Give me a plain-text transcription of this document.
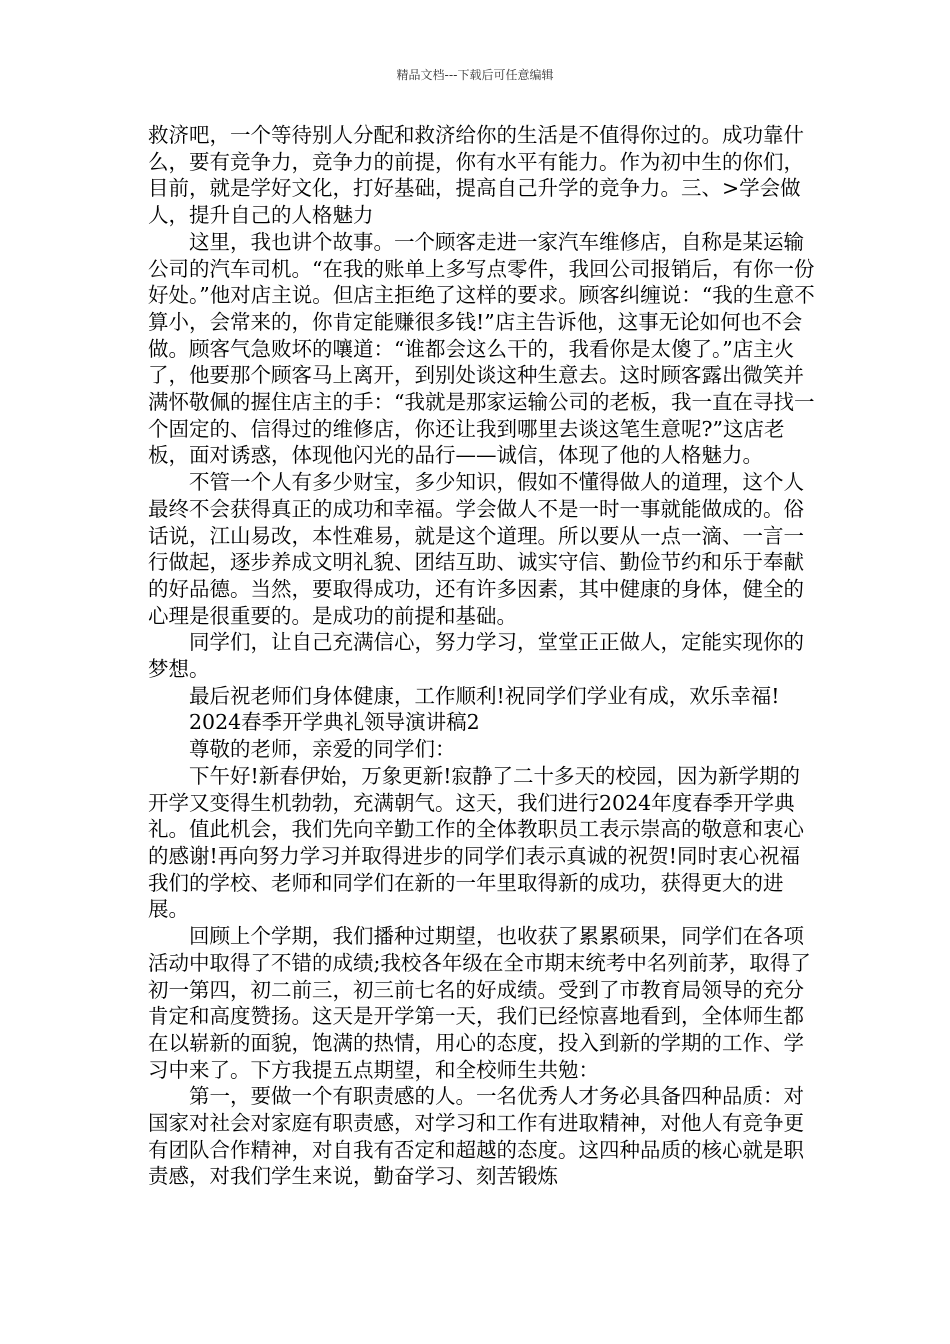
精品文档---下载后可任意编辑

救济吧，一个等待别人分配和救济给你的生活是不值得你过的。成功靠什么，要有竞争力，竞争力的前提，你有水平有能力。作为初中生的你们，目前，就是学好文化，打好基础，提高自己升学的竞争力。三、>学会做人，提升自己的人格魅力

这里，我也讲个故事。一个顾客走进一家汽车维修店，自称是某运输公司的汽车司机。“在我的账单上多写点零件，我回公司报销后，有你一份好处。”他对店主说。但店主拒绝了这样的要求。顾客纠缠说：“我的生意不算小，会常来的，你肯定能赚很多钱!”店主告诉他，这事无论如何也不会做。顾客气急败坏的嚷道：“谁都会这么干的，我看你是太傻了。”店主火了，他要那个顾客马上离开，到别处谈这种生意去。这时顾客露出微笑并满怀敬佩的握住店主的手：“我就是那家运输公司的老板，我一直在寻找一个固定的、信得过的维修店，你还让我到哪里去谈这笔生意呢?”这店老板，面对诱惑，体现他闪光的品行——诚信，体现了他的人格魅力。

不管一个人有多少财宝，多少知识，假如不懂得做人的道理，这个人最终不会获得真正的成功和幸福。学会做人不是一时一事就能做成的。俗话说，江山易改，本性难易，就是这个道理。所以要从一点一滴、一言一行做起，逐步养成文明礼貌、团结互助、诚实守信、勤俭节约和乐于奉献的好品德。当然，要取得成功，还有许多因素，其中健康的身体，健全的心理是很重要的。是成功的前提和基础。

同学们，让自己充满信心，努力学习，堂堂正正做人，定能实现你的梦想。

最后祝老师们身体健康，工作顺利!祝同学们学业有成，欢乐幸福!

2024春季开学典礼领导演讲稿2

尊敬的老师，亲爱的同学们：

下午好!新春伊始，万象更新!寂静了二十多天的校园，因为新学期的开学又变得生机勃勃，充满朝气。这天，我们进行2024年度春季开学典礼。值此机会，我们先向辛勤工作的全体教职员工表示崇高的敬意和衷心的感谢!再向努力学习并取得进步的同学们表示真诚的祝贺!同时衷心祝福我们的学校、老师和同学们在新的一年里取得新的成功，获得更大的进展。

回顾上个学期，我们播种过期望，也收获了累累硕果，同学们在各项活动中取得了不错的成绩;我校各年级在全市期末统考中名列前茅，取得了初一第四，初二前三，初三前七名的好成绩。受到了市教育局领导的充分肯定和高度赞扬。这天是开学第一天，我们已经惊喜地看到，全体师生都在以崭新的面貌，饱满的热情，用心的态度，投入到新的学期的工作、学习中来了。下方我提五点期望，和全校师生共勉：

第一，要做一个有职责感的人。一名优秀人才务必具备四种品质：对国家对社会对家庭有职责感，对学习和工作有进取精神，对他人有竞争更有团队合作精神，对自我有否定和超越的态度。这四种品质的核心就是职责感，对我们学生来说，勤奋学习、刻苦锻炼
